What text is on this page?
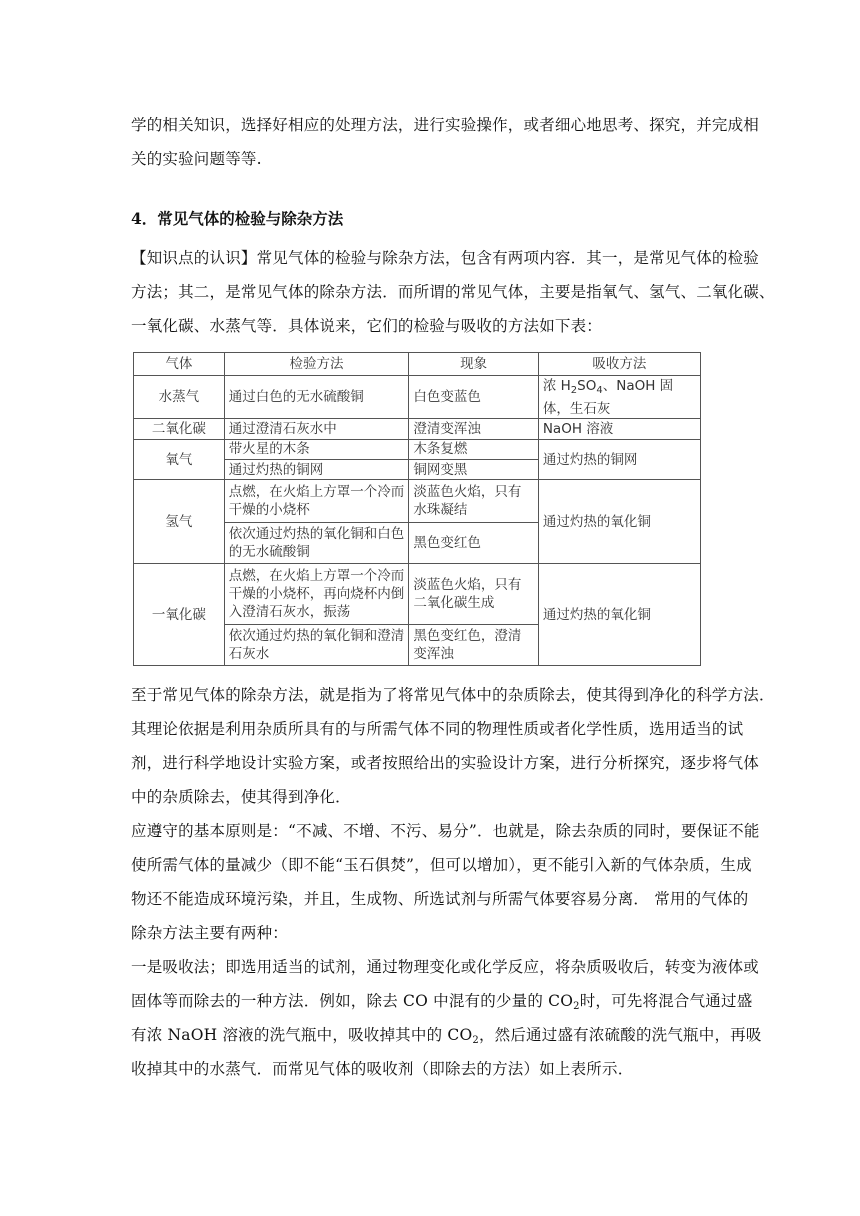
学的相关知识，选择好相应的处理方法，进行实验操作，或者细心地思考、探究，并完成相
关的实验问题等等.
4．常见气体的检验与除杂方法
【知识点的认识】常见气体的检验与除杂方法，包含有两项内容．其一，是常见气体的检验
方法；其二，是常见气体的除杂方法．而所谓的常见气体，主要是指氧气、氢气、二氧化碳、
一氧化碳、水蒸气等．具体说来，它们的检验与吸收的方法如下表：
气体	检验方法	现象	吸收方法
水蒸气	通过白色的无水硫酸铜	白色变蓝色	浓 $H_2SO_4$、NaOH 固体，生石灰
二氧化碳	通过澄清石灰水中	澄清变浑浊	NaOH 溶液
氧气	带火星的木条	木条复燃	通过灼热的铜网
	通过灼热的铜网	铜网变黑	
氢气	点燃，在火焰上方罩一个冷而干燥的小烧杯	淡蓝色火焰，只有水珠凝结	通过灼热的氧化铜
	依次通过灼热的氧化铜和白色的无水硫酸铜	黑色变红色	
一氧化碳	点燃，在火焰上方罩一个冷而干燥的小烧杯，再向烧杯内倒入澄清石灰水，振荡	淡蓝色火焰，只有二氧化碳生成	通过灼热的氧化铜
	依次通过灼热的氧化铜和澄清石灰水	黑色变红色，澄清变浑浊	
至于常见气体的除杂方法，就是指为了将常见气体中的杂质除去，使其得到净化的科学方法．
其理论依据是利用杂质所具有的与所需气体不同的物理性质或者化学性质，选用适当的试
剂，进行科学地设计实验方案，或者按照给出的实验设计方案，进行分析探究，逐步将气体
中的杂质除去，使其得到净化．
应遵守的基本原则是：“不减、不增、不污、易分”．也就是，除去杂质的同时，要保证不能
使所需气体的量减少（即不能“玉石俱焚”，但可以增加），更不能引入新的气体杂质，生成
物还不能造成环境污染，并且，生成物、所选试剂与所需气体要容易分离． 常用的气体的
除杂方法主要有两种：
一是吸收法；即选用适当的试剂，通过物理变化或化学反应，将杂质吸收后，转变为液体或
固体等而除去的一种方法．例如，除去 CO 中混有的少量的 $CO_2$时，可先将混合气通过盛
有浓 NaOH 溶液的洗气瓶中，吸收掉其中的 $CO_2$，然后通过盛有浓硫酸的洗气瓶中，再吸
收掉其中的水蒸气．而常见气体的吸收剂（即除去的方法）如上表所示．
